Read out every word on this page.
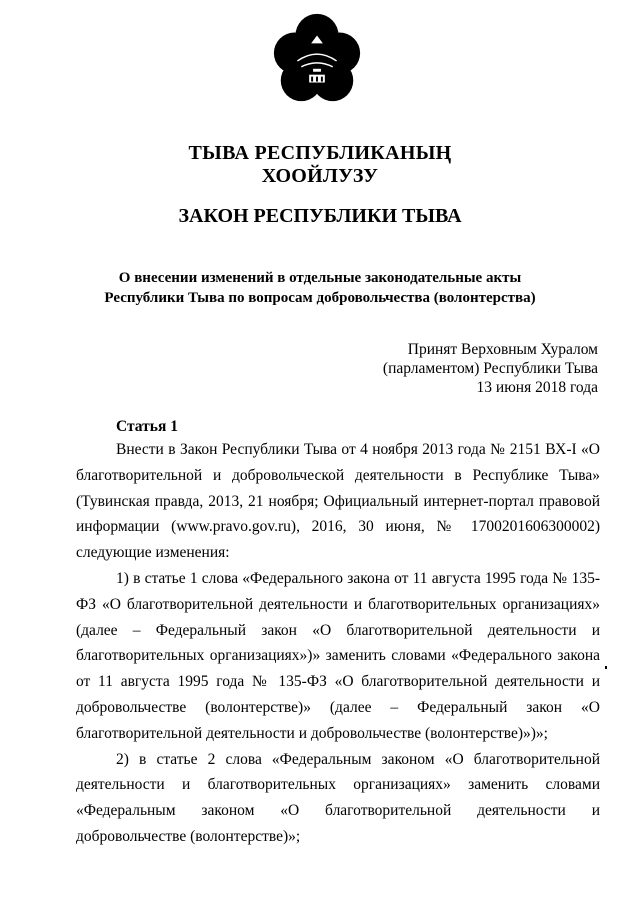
ТЫВА РЕСПУБЛИКАНЫҢ
ХООЙЛУЗУ
ЗАКОН РЕСПУБЛИКИ ТЫВА
О внесении изменений в отдельные законодательные акты
Республики Тыва по вопросам добровольчества (волонтерства)
Принят Верховным Хуралом
(парламентом) Республики Тыва
13 июня 2018 года
Статья 1

Внести в Закон Республики Тыва от 4 ноября 2013 года № 2151 ВХ-I «О благотворительной и добровольческой деятельности в Республике Тыва» (Тувинская правда, 2013, 21 ноября; Официальный интернет-портал правовой информации (www.pravo.gov.ru), 2016, 30 июня, № 1700201606300002) следующие изменения:

1) в статье 1 слова «Федерального закона от 11 августа 1995 года № 135-ФЗ «О благотворительной деятельности и благотворительных организациях» (далее – Федеральный закон «О благотворительной деятельности и благотворительных организациях»)» заменить словами «Федерального закона от 11 августа 1995 года № 135-ФЗ «О благотворительной деятельности и добровольчестве (волонтерстве)» (далее – Федеральный закон «О благотворительной деятельности и добровольчестве (волонтерстве)»)»;

2) в статье 2 слова «Федеральным законом «О благотворительной деятельности и благотворительных организациях» заменить словами «Федеральным законом «О благотворительной деятельности и добровольчестве (волонтерстве)»;
